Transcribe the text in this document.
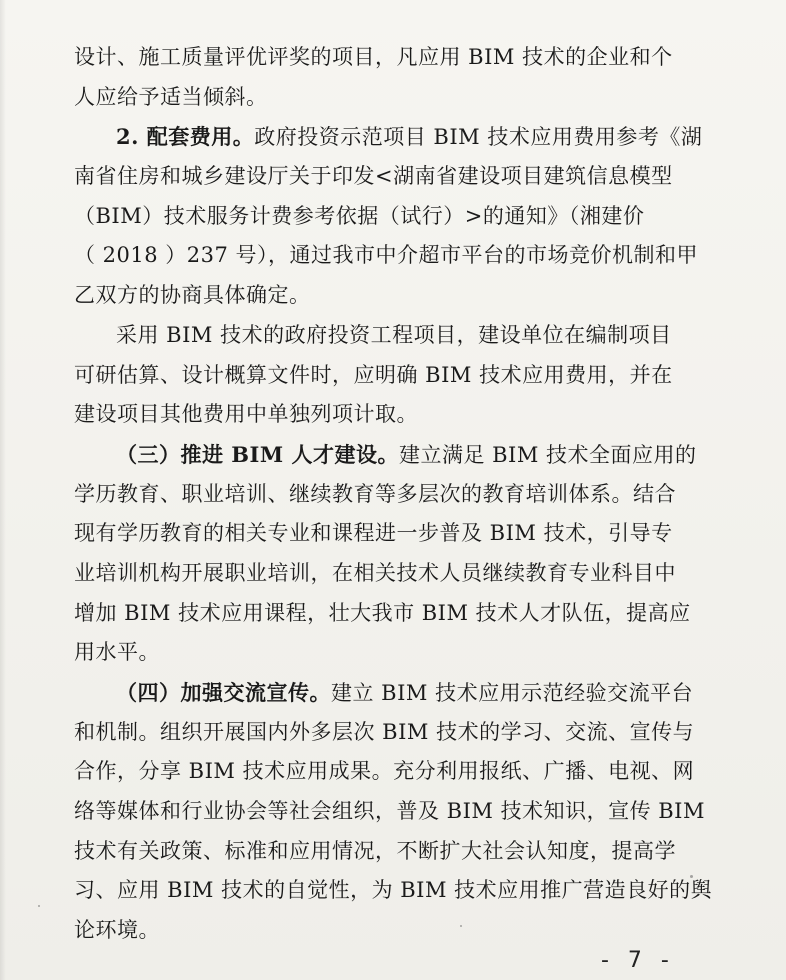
设计、施工质量评优评奖的项目，凡应用 BIM 技术的企业和个
人应给予适当倾斜。
2. 配套费用。政府投资示范项目 BIM 技术应用费用参考《湖
南省住房和城乡建设厅关于印发<湖南省建设项目建筑信息模型
（BIM）技术服务计费参考依据（试行）>的通知》（湘建价
（ 2018 ）237 号），通过我市中介超市平台的市场竞价机制和甲
乙双方的协商具体确定。
采用 BIM 技术的政府投资工程项目，建设单位在编制项目
可研估算、设计概算文件时，应明确 BIM 技术应用费用，并在
建设项目其他费用中单独列项计取。
（三）推进 BIM 人才建设。建立满足 BIM 技术全面应用的
学历教育、职业培训、继续教育等多层次的教育培训体系。结合
现有学历教育的相关专业和课程进一步普及 BIM 技术，引导专
业培训机构开展职业培训，在相关技术人员继续教育专业科目中
增加 BIM 技术应用课程，壮大我市 BIM 技术人才队伍，提高应
用水平。
（四）加强交流宣传。建立 BIM 技术应用示范经验交流平台
和机制。组织开展国内外多层次 BIM 技术的学习、交流、宣传与
合作，分享 BIM 技术应用成果。充分利用报纸、广播、电视、网
络等媒体和行业协会等社会组织，普及 BIM 技术知识，宣传 BIM
技术有关政策、标准和应用情况，不断扩大社会认知度，提高学
习、应用 BIM 技术的自觉性，为 BIM 技术应用推广营造良好的舆
论环境。
- 7 -
